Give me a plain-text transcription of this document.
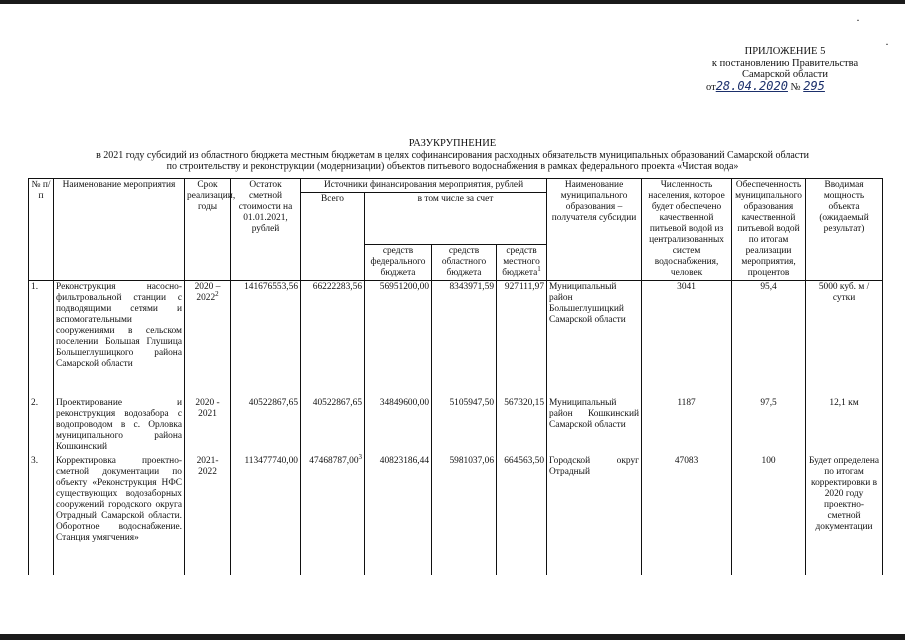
·
·
ПРИЛОЖЕНИЕ 5
к постановлению Правительства
Самарской области
от28.04.2020 № 295
РАЗУКРУПНЕНИЕ
в 2021 году субсидий из областного бюджета местным бюджетам в целях софинансирования расходных обязательств муниципальных образований Самарской области
по строительству и реконструкции (модернизации) объектов питьевого водоснабжения в рамках федерального проекта «Чистая вода»
№ п/п	Наименование мероприятия	Срок реализации, годы	Остаток сметной стоимости на 01.01.2021, рублей	Источники финансирования мероприятия, рублей				Наименование муниципального образования – получателя субсидии	Численность населения, которое будет обеспечено качественной питьевой водой из централизованных систем водоснабжения, человек	Обеспеченность муниципального образования качественной питьевой водой по итогам реализации мероприятия, процентов	Вводимая мощность объекта (ожидаемый результат)
				Всего	в том числе за счет						
					средств федерального бюджета	средств областного бюджета	средств местного бюджета$^1$
1.	Реконструкция насосно-фильтровальной станции с подводящими сетями и вспомогательными сооружениями в сельском поселении Большая Глушица Большеглушицкого района Самарской области	2020 – 2022$^2$	141676553,56	66222283,56	56951200,00	8343971,59	927111,97	Муниципальный район Большеглушицкий Самарской области	3041	95,4	5000 куб. м / сутки
2.	Проектирование и реконструкция водозабора с водопроводом в с. Орловка муниципального района Кошкинский	2020 - 2021	40522867,65	40522867,65	34849600,00	5105947,50	567320,15	Муниципальный район Кошкинский Самарской области	1187	97,5	12,1 км
3.	Корректировка проектно-сметной документации по объекту «Реконструкция НФС существующих водозаборных сооружений городского округа Отрадный Самарской области. Оборотное водоснабжение. Станция умягчения»	2021- 2022	113477740,00	47468787,00$^3$	40823186,44	5981037,06	664563,50	Городской округ Отрадный	47083	100	Будет определена по итогам корректировки в 2020 году проектно-сметной документации
